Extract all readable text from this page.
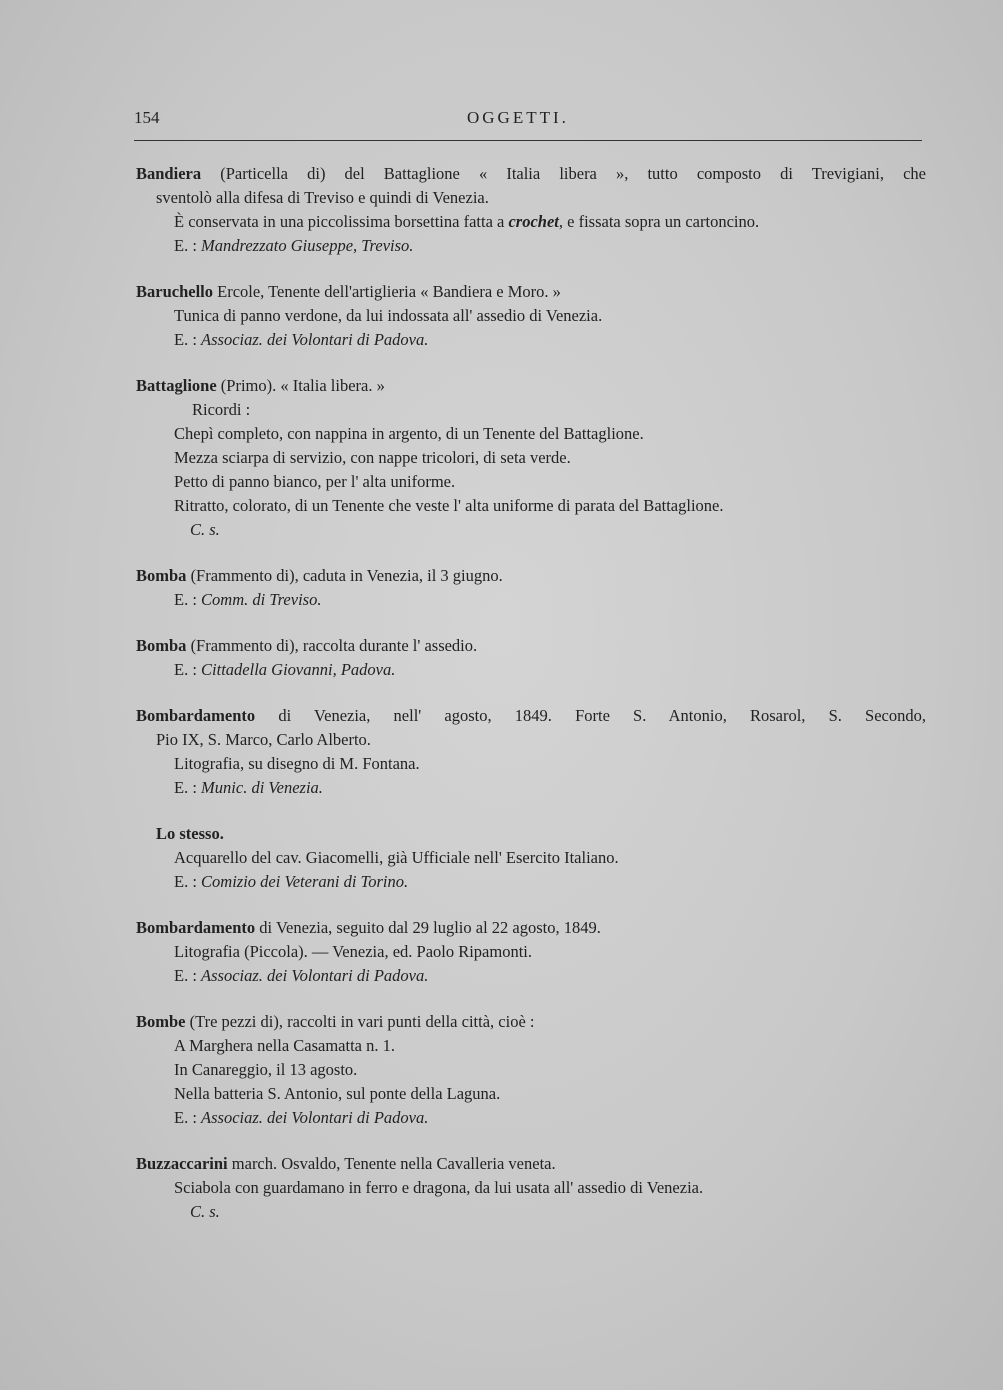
154	OGGETTI.

Bandiera (Particella di) del Battaglione « Italia libera », tutto composto di Trevigiani, che

sventolò alla difesa di Treviso e quindi di Venezia.

È conservata in una piccolissima borsettina fatta a crochet, e fissata sopra un cartoncino.

E. : Mandrezzato Giuseppe, Treviso.

Baruchello Ercole, Tenente dell'artiglieria « Bandiera e Moro. »

Tunica di panno verdone, da lui indossata all' assedio di Venezia.

E. : Associaz. dei Volontari di Padova.

Battaglione (Primo). « Italia libera. »

Ricordi :

Chepì completo, con nappina in argento, di un Tenente del Battaglione.

Mezza sciarpa di servizio, con nappe tricolori, di seta verde.

Petto di panno bianco, per l' alta uniforme.

Ritratto, colorato, di un Tenente che veste l' alta uniforme di parata del Battaglione.

C. s.

Bomba (Frammento di), caduta in Venezia, il 3 giugno.

E. : Comm. di Treviso.

Bomba (Frammento di), raccolta durante l' assedio.

E. : Cittadella Giovanni, Padova.

Bombardamento di Venezia, nell' agosto, 1849. Forte S. Antonio, Rosarol, S. Secondo,

Pio IX, S. Marco, Carlo Alberto.

Litografia, su disegno di M. Fontana.

E. : Munic. di Venezia.

Lo stesso.

Acquarello del cav. Giacomelli, già Ufficiale nell' Esercito Italiano.

E. : Comizio dei Veterani di Torino.

Bombardamento di Venezia, seguito dal 29 luglio al 22 agosto, 1849.

Litografia (Piccola). — Venezia, ed. Paolo Ripamonti.

E. : Associaz. dei Volontari di Padova.

Bombe (Tre pezzi di), raccolti in vari punti della città, cioè :

A Marghera nella Casamatta n. 1.

In Canareggio, il 13 agosto.

Nella batteria S. Antonio, sul ponte della Laguna.

E. : Associaz. dei Volontari di Padova.

Buzzaccarini march. Osvaldo, Tenente nella Cavalleria veneta.

Sciabola con guardamano in ferro e dragona, da lui usata all' assedio di Venezia.

C. s.
